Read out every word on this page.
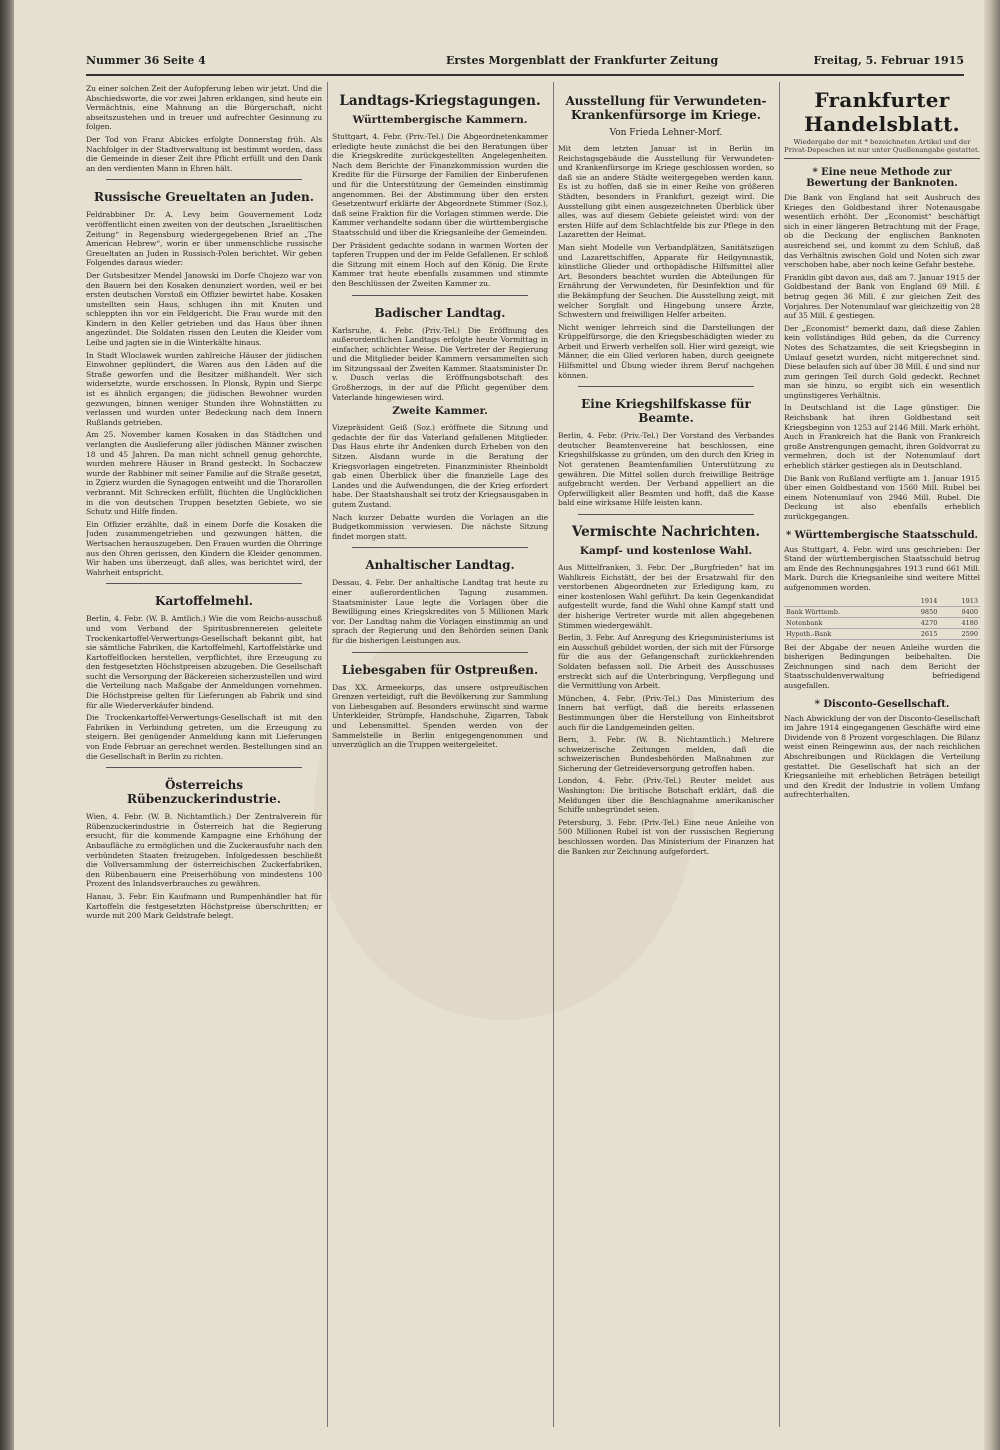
Nummer 36 Seite 4	Erstes Morgenblatt der Frankfurter Zeitung	Freitag, 5. Februar 1915

Zu einer solchen Zeit der Aufopferung leben wir jetzt. Und die Abschiedsworte, die vor zwei Jahren erklangen, sind heute ein Vermächtnis, eine Mahnung an die Bürgerschaft, nicht abseitszustehen und in treuer und aufrechter Gesinnung zu folgen.

Der Tod von Franz Abickes erfolgte Donnerstag früh. Als Nachfolger in der Stadtverwaltung ist bestimmt worden, dass die Gemeinde in dieser Zeit ihre Pflicht erfüllt und den Dank an den verdienten Mann in Ehren hält.

Russische Greueltaten an Juden.

Feldrabbiner Dr. A. Levy beim Gouvernement Lodz veröffentlicht einen zweiten von der deutschen „Israelitischen Zeitung“ in Regensburg wiedergegebenen Brief an „The American Hebrew“, worin er über unmenschliche russische Greueltaten an Juden in Russisch-Polen berichtet. Wir geben Folgendes daraus wieder:

Der Gutsbesitzer Mendel Janowski im Dorfe Chojezo war von den Bauern bei den Kosaken denunziert worden, weil er bei ersten deutschen Vorstoß ein Offizier bewirtet habe. Kosaken umstellten sein Haus, schlugen ihn mit Knuten und schleppten ihn vor ein Feldgericht. Die Frau wurde mit den Kindern in den Keller getrieben und das Haus über ihnen angezündet. Die Soldaten rissen den Leuten die Kleider vom Leibe und jagten sie in die Winterkälte hinaus.

In Stadt Wloclawek wurden zahlreiche Häuser der jüdischen Einwohner geplündert, die Waren aus den Läden auf die Straße geworfen und die Besitzer mißhandelt. Wer sich widersetzte, wurde erschossen. In Plonsk, Rypin und Sierpc ist es ähnlich ergangen; die jüdischen Bewohner wurden gezwungen, binnen weniger Stunden ihre Wohnstätten zu verlassen und wurden unter Bedeckung nach dem Innern Rußlands getrieben.

Am 25. November kamen Kosaken in das Städtchen und verlangten die Auslieferung aller jüdischen Männer zwischen 18 und 45 Jahren. Da man nicht schnell genug gehorchte, wurden mehrere Häuser in Brand gesteckt. In Sochaczew wurde der Rabbiner mit seiner Familie auf die Straße gesetzt, in Zgierz wurden die Synagogen entweiht und die Thorarollen verbrannt. Mit Schrecken erfüllt, flüchten die Unglücklichen in die von deutschen Truppen besetzten Gebiete, wo sie Schutz und Hilfe finden.

Ein Offizier erzählte, daß in einem Dorfe die Kosaken die Juden zusammengetrieben und gezwungen hätten, die Wertsachen herauszugeben. Den Frauen wurden die Ohrringe aus den Ohren gerissen, den Kindern die Kleider genommen. Wir haben uns überzeugt, daß alles, was berichtet wird, der Wahrheit entspricht.

Kartoffelmehl.

Berlin, 4. Febr. (W. B. Amtlich.) Wie die vom Reichs-ausschuß und vom Verband der Spiritusbrennereien geleitete Trockenkartoffel-Verwertungs-Gesellschaft bekannt gibt, hat sie sämtliche Fabriken, die Kartoffelmehl, Kartoffelstärke und Kartoffelflocken herstellen, verpflichtet, ihre Erzeugung zu den festgesetzten Höchstpreisen abzugeben. Die Gesellschaft sucht die Versorgung der Bäckereien sicherzustellen und wird die Verteilung nach Maßgabe der Anmeldungen vornehmen. Die Höchstpreise gelten für Lieferungen ab Fabrik und sind für alle Wiederverkäufer bindend.

Die Trockenkartoffel-Verwertungs-Gesellschaft ist mit den Fabriken in Verbindung getreten, um die Erzeugung zu steigern. Bei genügender Anmeldung kann mit Lieferungen von Ende Februar an gerechnet werden. Bestellungen sind an die Gesellschaft in Berlin zu richten.

Österreichs Rübenzuckerindustrie.

Wien, 4. Febr. (W. B. Nichtamtlich.) Der Zentralverein für Rübenzuckerindustrie in Österreich hat die Regierung ersucht, für die kommende Kampagne eine Erhöhung der Anbaufläche zu ermöglichen und die Zuckerausfuhr nach den verbündeten Staaten freizugeben. Infolgedessen beschließt die Vollversammlung der österreichischen Zuckerfabriken, den Rübenbauern eine Preiserhöhung von mindestens 100 Prozent des Inlandsverbrauches zu gewähren.

Hanau, 3. Febr. Ein Kaufmann und Rumpenhändler hat für Kartoffeln die festgesetzten Höchstpreise überschritten; er wurde mit 200 Mark Geldstrafe belegt.

Landtags-Kriegstagungen.
Württembergische Kammern.

Stuttgart, 4. Febr. (Priv.-Tel.) Die Abgeordnetenkammer erledigte heute zunächst die bei den Beratungen über die Kriegskredite zurückgestellten Angelegenheiten. Nach dem Berichte der Finanzkommission wurden die Kredite für die Fürsorge der Familien der Einberufenen und für die Unterstützung der Gemeinden einstimmig angenommen. Bei der Abstimmung über den ersten Gesetzentwurf erklärte der Abgeordnete Stimmer (Soz.), daß seine Fraktion für die Vorlagen stimmen werde. Die Kammer verhandelte sodann über die württembergische Staatsschuld und über die Kriegsanleihe der Gemeinden.

Der Präsident gedachte sodann in warmen Worten der tapferen Truppen und der im Felde Gefallenen. Er schloß die Sitzung mit einem Hoch auf den König. Die Erste Kammer trat heute ebenfalls zusammen und stimmte den Beschlüssen der Zweiten Kammer zu.

Badischer Landtag.

Karlsruhe, 4. Febr. (Priv.-Tel.) Die Eröffnung des außerordentlichen Landtags erfolgte heute Vormittag in einfacher, schlichter Weise. Die Vertreter der Regierung und die Mitglieder beider Kammern versammelten sich im Sitzungssaal der Zweiten Kammer. Staatsminister Dr. v. Dusch verlas die Eröffnungsbotschaft des Großherzogs, in der auf die Pflicht gegenüber dem Vaterlande hingewiesen wird.

Zweite Kammer.

Vizepräsident Geiß (Soz.) eröffnete die Sitzung und gedachte der für das Vaterland gefallenen Mitglieder. Das Haus ehrte ihr Andenken durch Erheben von den Sitzen. Alsdann wurde in die Beratung der Kriegsvorlagen eingetreten. Finanzminister Rheinboldt gab einen Überblick über die finanzielle Lage des Landes und die Aufwendungen, die der Krieg erfordert habe. Der Staatshaushalt sei trotz der Kriegsausgaben in gutem Zustand.

Nach kurzer Debatte wurden die Vorlagen an die Budgetkommission verwiesen. Die nächste Sitzung findet morgen statt.

Anhaltischer Landtag.

Dessau, 4. Febr. Der anhaltische Landtag trat heute zu einer außerordentlichen Tagung zusammen. Staatsminister Laue legte die Vorlagen über die Bewilligung eines Kriegskredites von 5 Millionen Mark vor. Der Landtag nahm die Vorlagen einstimmig an und sprach der Regierung und den Behörden seinen Dank für die bisherigen Leistungen aus.

Liebesgaben für Ostpreußen.

Das XX. Armeekorps, das unsere ostpreußischen Grenzen verteidigt, ruft die Bevölkerung zur Sammlung von Liebesgaben auf. Besonders erwünscht sind warme Unterkleider, Strümpfe, Handschuhe, Zigarren, Tabak und Lebensmittel. Spenden werden von der Sammelstelle in Berlin entgegengenommen und unverzüglich an die Truppen weitergeleitet.

Ausstellung für Verwundeten-Krankenfürsorge im Kriege.
Von Frieda Lehner-Morf.

Mit dem letzten Januar ist in Berlin im Reichstagsgebäude die Ausstellung für Verwundeten- und Krankenfürsorge im Kriege geschlossen worden, so daß sie an andere Städte weitergegeben werden kann. Es ist zu hoffen, daß sie in einer Reihe von größeren Städten, besonders in Frankfurt, gezeigt wird. Die Ausstellung gibt einen ausgezeichneten Überblick über alles, was auf diesem Gebiete geleistet wird: von der ersten Hilfe auf dem Schlachtfelde bis zur Pflege in den Lazaretten der Heimat.

Man sieht Modelle von Verbandplätzen, Sanitätszügen und Lazarettschiffen, Apparate für Heilgymnastik, künstliche Glieder und orthopädische Hilfsmittel aller Art. Besonders beachtet wurden die Abteilungen für Ernährung der Verwundeten, für Desinfektion und für die Bekämpfung der Seuchen. Die Ausstellung zeigt, mit welcher Sorgfalt und Hingebung unsere Ärzte, Schwestern und freiwilligen Helfer arbeiten.

Nicht weniger lehrreich sind die Darstellungen der Krüppelfürsorge, die den Kriegsbeschädigten wieder zu Arbeit und Erwerb verhelfen soll. Hier wird gezeigt, wie Männer, die ein Glied verloren haben, durch geeignete Hilfsmittel und Übung wieder ihrem Beruf nachgehen können.

Eine Kriegshilfskasse für Beamte.

Berlin, 4. Febr. (Priv.-Tel.) Der Vorstand des Verbandes deutscher Beamtenvereine hat beschlossen, eine Kriegshilfskasse zu gründen, um den durch den Krieg in Not geratenen Beamtenfamilien Unterstützung zu gewähren. Die Mittel sollen durch freiwillige Beiträge aufgebracht werden. Der Verband appelliert an die Opferwilligkeit aller Beamten und hofft, daß die Kasse bald eine wirksame Hilfe leisten kann.

Vermischte Nachrichten.
Kampf- und kostenlose Wahl.

Aus Mittelfranken, 3. Febr. Der „Burgfrieden“ hat im Wahlkreis Eichstätt, der bei der Ersatzwahl für den verstorbenen Abgeordneten zur Erledigung kam, zu einer kostenlosen Wahl geführt. Da kein Gegenkandidat aufgestellt wurde, fand die Wahl ohne Kampf statt und der bisherige Vertreter wurde mit allen abgegebenen Stimmen wiedergewählt.

Berlin, 3. Febr. Auf Anregung des Kriegsministeriums ist ein Ausschuß gebildet worden, der sich mit der Fürsorge für die aus der Gefangenschaft zurückkehrenden Soldaten befassen soll. Die Arbeit des Ausschusses erstreckt sich auf die Unterbringung, Verpflegung und die Vermittlung von Arbeit.

München, 4. Febr. (Priv.-Tel.) Das Ministerium des Innern hat verfügt, daß die bereits erlassenen Bestimmungen über die Herstellung von Einheitsbrot auch für die Landgemeinden gelten.

Bern, 3. Febr. (W. B. Nichtamtlich.) Mehrere schweizerische Zeitungen melden, daß die schweizerischen Bundesbehörden Maßnahmen zur Sicherung der Getreideversorgung getroffen haben.

London, 4. Febr. (Priv.-Tel.) Reuter meldet aus Washington: Die britische Botschaft erklärt, daß die Meldungen über die Beschlagnahme amerikanischer Schiffe unbegründet seien.

Petersburg, 3. Febr. (Priv.-Tel.) Eine neue Anleihe von 500 Millionen Rubel ist von der russischen Regierung beschlossen worden. Das Ministerium der Finanzen hat die Banken zur Zeichnung aufgefordert.

Frankfurter Handelsblatt.
Wiedergabe der mit * bezeichneten Artikel und der Privat-Depeschen ist nur unter Quellenangabe gestattet.
* Eine neue Methode zur Bewertung der Banknoten.

Die Bank von England hat seit Ausbruch des Krieges den Goldbestand ihrer Notenausgabe wesentlich erhöht. Der „Economist“ beschäftigt sich in einer längeren Betrachtung mit der Frage, ob die Deckung der englischen Banknoten ausreichend sei, und kommt zu dem Schluß, daß das Verhältnis zwischen Gold und Noten sich zwar verschoben habe, aber noch keine Gefahr bestehe.

Franklin gibt davon aus, daß am 7. Januar 1915 der Goldbestand der Bank von England 69 Mill. £ betrug gegen 36 Mill. £ zur gleichen Zeit des Vorjahres. Der Notenumlauf war gleichzeitig von 28 auf 35 Mill. £ gestiegen.

Der „Economist“ bemerkt dazu, daß diese Zahlen kein vollständiges Bild geben, da die Currency Notes des Schatzamtes, die seit Kriegsbeginn in Umlauf gesetzt wurden, nicht mitgerechnet sind. Diese belaufen sich auf über 38 Mill. £ und sind nur zum geringen Teil durch Gold gedeckt. Rechnet man sie hinzu, so ergibt sich ein wesentlich ungünstigeres Verhältnis.

In Deutschland ist die Lage günstiger. Die Reichsbank hat ihren Goldbestand seit Kriegsbeginn von 1253 auf 2146 Mill. Mark erhöht. Auch in Frankreich hat die Bank von Frankreich große Anstrengungen gemacht, ihren Goldvorrat zu vermehren, doch ist der Notenumlauf dort erheblich stärker gestiegen als in Deutschland.

Die Bank von Rußland verfügte am 1. Januar 1915 über einen Goldbestand von 1560 Mill. Rubel bei einem Notenumlauf von 2946 Mill. Rubel. Die Deckung ist also ebenfalls erheblich zurückgegangen.

* Württembergische Staatsschuld.

Aus Stuttgart, 4. Febr. wird uns geschrieben: Der Stand der württembergischen Staatsschuld betrug am Ende des Rechnungsjahres 1913 rund 661 Mill. Mark. Durch die Kriegsanleihe sind weitere Mittel aufgenommen worden.

	1914	1913
Bank Württemb.	9850	9400
Notenbank	4270	4180
Hypoth.-Bank	2615	2590

Bei der Abgabe der neuen Anleihe wurden die bisherigen Bedingungen beibehalten. Die Zeichnungen sind nach dem Bericht der Staatsschuldenverwaltung befriedigend ausgefallen.

* Disconto-Gesellschaft.

Nach Abwicklung der von der Disconto-Gesellschaft im Jahre 1914 eingegangenen Geschäfte wird eine Dividende von 8 Prozent vorgeschlagen. Die Bilanz weist einen Reingewinn aus, der nach reichlichen Abschreibungen und Rücklagen die Verteilung gestattet. Die Gesellschaft hat sich an der Kriegsanleihe mit erheblichen Beträgen beteiligt und den Kredit der Industrie in vollem Umfang aufrechterhalten.
